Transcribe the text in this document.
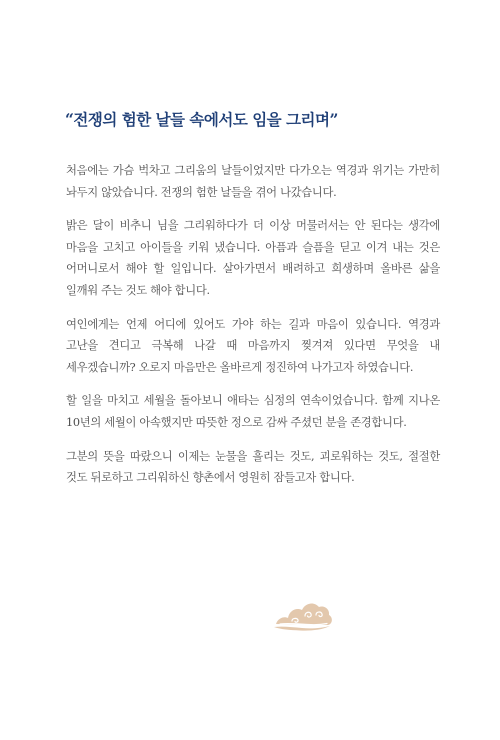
“전쟁의 험한 날들 속에서도 임을 그리며”

처음에는 가슴 벅차고 그리움의 날들이었지만 다가오는 역경과 위기는 가만히 놔두지 않았습니다. 전쟁의 험한 날들을 겪어 나갔습니다.

밝은 달이 비추니 님을 그리워하다가 더 이상 머물러서는 안 된다는 생각에 마음을 고치고 아이들을 키워 냈습니다. 아픔과 슬픔을 딛고 이겨 내는 것은 어머니로서 해야 할 일입니다. 살아가면서 배려하고 희생하며 올바른 삶을 일깨워 주는 것도 해야 합니다.

여인에게는 언제 어디에 있어도 가야 하는 길과 마음이 있습니다. 역경과 고난을 견디고 극복해 나갈 때 마음까지 찢겨져 있다면 무엇을 내 세우겠습니까? 오로지 마음만은 올바르게 정진하여 나가고자 하였습니다.

할 일을 마치고 세월을 돌아보니 애타는 심정의 연속이었습니다. 함께 지나온 10년의 세월이 아속했지만 따뜻한 정으로 감싸 주셨던 분을 존경합니다.

그분의 뜻을 따랐으니 이제는 눈물을 흘리는 것도, 괴로워하는 것도, 절절한 것도 뒤로하고 그리워하신 향촌에서 영원히 잠들고자 합니다.
